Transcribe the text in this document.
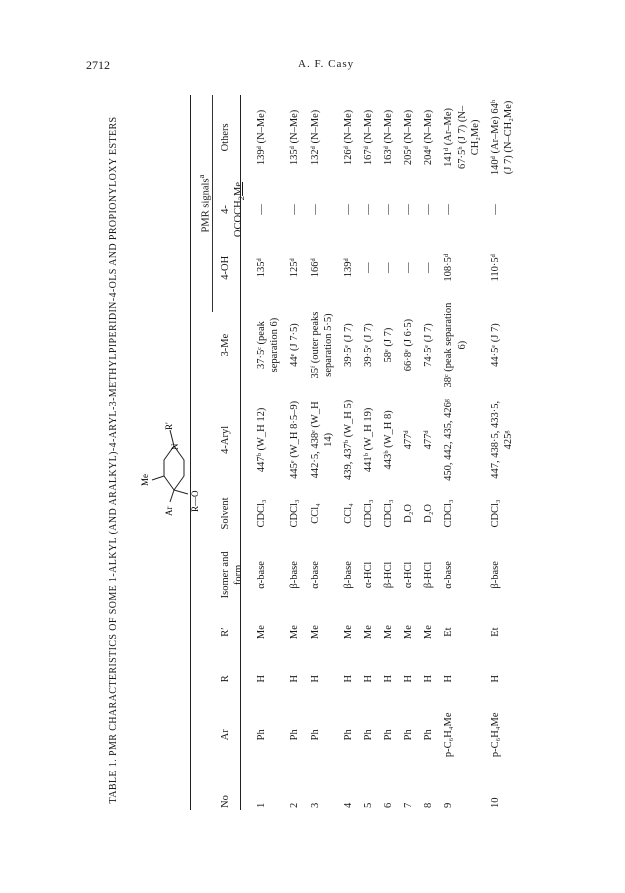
2712	A. F. Casy
TABLE 1. PMR CHARACTERISTICS OF SOME 1-ALKYL (AND ARALKYL)-4-ARYL-3-METHYLPIPERIDIN-4-OLS AND PROPIONYLOXY ESTERS Me
Ar
N
R′
R—O
PMR signals$^a$
No	Ar	R	R′	Isomer and form	Solvent	4-Aryl	3-Me	4-OH	$4-OCOCH_2Me$	Others
1	Ph	H	Me	α-base	CDCl₃	447ᵇ (W_H 12)	37·5ᶜ (peak separation 6)	135ᵈ	—	139ᵈ (N–Me)
2	Ph	H	Me	β-base	CDCl₃	445ᵉ (W_H 8·5–9)	44ᵉ (J 7·5)	125ᵈ	—	135ᵈ (N–Me)
3	Ph	H	Me	α-base	CCl₄	442·5, 438ᵉ (W_H 14)	35ᶠ (outer peaks separation 5·5)	166ᵈ	—	132ᵈ (N–Me)
4	Ph	H	Me	β-base	CCl₄	439, 437ᵇ (W_H 5)	39·5ᵉ (J 7)	139ᵈ	—	126ᵈ (N–Me)
5	Ph	H	Me	α-HCl	CDCl₃	441ᵇ (W_H 19)	39·5ᵉ (J 7)	—	—	167ᵈ (N–Me)
6	Ph	H	Me	β-HCl	CDCl₃	443ᵇ (W_H 8)	58ᵉ (J 7)	—	—	163ᵈ (N–Me)
7	Ph	H	Me	α-HCl	D₂O	477ᵈ	66·8ᵉ (J 6·5)	—	—	205ᵈ (N–Me)
8	Ph	H	Me	β-HCl	D₂O	477ᵈ	74·5ᵉ (J 7)	—	—	204ᵈ (N–Me)
9	p-C₆H₄Me	H	Et	α-base	CDCl₃	450, 442, 435, 426ᵍ	38ᶜ (peak separation 6)	108·5ᵈ	—	141ᵈ (Ar–Me) 67·5ʰ (J 7) (N–CH₂Me)
10	p-C₆H₄Me	H	Et	β-base	CDCl₃	447, 438·5, 433·5, 425ᵍ	44·5ᵉ (J 7)	110·5ᵈ	—	140ᵈ (Ar–Me) 64ʰ (J 7) (N–CH₂Me)
